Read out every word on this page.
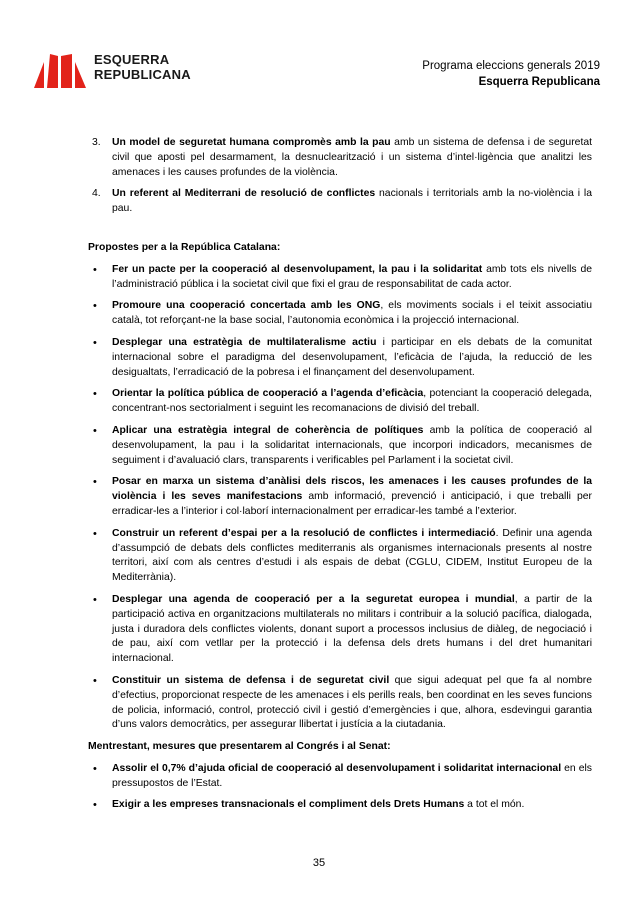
ESQUERRA
REPUBLICANA
Programa eleccions generals 2019
Esquerra Republicana
3. Un model de seguretat humana compromès amb la pau amb un sistema de defensa i de seguretat civil que aposti pel desarmament, la desnuclearització i un sistema d’intel·ligència que analitzi les amenaces i les causes profundes de la violència.
4. Un referent al Mediterrani de resolució de conflictes nacionals i territorials amb la no-violència i la pau.
Propostes per a la República Catalana:
• Fer un pacte per la cooperació al desenvolupament, la pau i la solidaritat amb tots els nivells de l’administració pública i la societat civil que fixi el grau de responsabilitat de cada actor.
• Promoure una cooperació concertada amb les ONG, els moviments socials i el teixit associatiu català, tot reforçant-ne la base social, l’autonomia econòmica i la projecció internacional.
• Desplegar una estratègia de multilateralisme actiu i participar en els debats de la comunitat internacional sobre el paradigma del desenvolupament, l’eficàcia de l’ajuda, la reducció de les desigualtats, l’erradicació de la pobresa i el finançament del desenvolupament.
• Orientar la política pública de cooperació a l’agenda d’eficàcia, potenciant la cooperació delegada, concentrant-nos sectorialment i seguint les recomanacions de divisió del treball.
• Aplicar una estratègia integral de coherència de polítiques amb la política de cooperació al desenvolupament, la pau i la solidaritat internacionals, que incorpori indicadors, mecanismes de seguiment i d’avaluació clars, transparents i verificables pel Parlament i la societat civil.
• Posar en marxa un sistema d’anàlisi dels riscos, les amenaces i les causes profundes de la violència i les seves manifestacions amb informació, prevenció i anticipació, i que treballi per erradicar-les a l’interior i col·laborí internacionalment per erradicar-les també a l’exterior.
• Construir un referent d’espai per a la resolució de conflictes i intermediació. Definir una agenda d’assumpció de debats dels conflictes mediterranis als organismes internacionals presents al nostre territori, així com als centres d’estudi i als espais de debat (CGLU, CIDEM, Institut Europeu de la Mediterrània).
• Desplegar una agenda de cooperació per a la seguretat europea i mundial, a partir de la participació activa en organitzacions multilaterals no militars i contribuir a la solució pacífica, dialogada, justa i duradora dels conflictes violents, donant suport a processos inclusius de diàleg, de negociació i de pau, així com vetllar per la protecció i la defensa dels drets humans i del dret humanitari internacional.
• Constituir un sistema de defensa i de seguretat civil que sigui adequat pel que fa al nombre d’efectius, proporcionat respecte de les amenaces i els perills reals, ben coordinat en les seves funcions de policia, informació, control, protecció civil i gestió d’emergències i que, alhora, esdevingui garantia d’uns valors democràtics, per assegurar llibertat i justícia a la ciutadania.
Mentrestant, mesures que presentarem al Congrés i al Senat:
• Assolir el 0,7% d’ajuda oficial de cooperació al desenvolupament i solidaritat internacional en els pressupostos de l’Estat.
• Exigir a les empreses transnacionals el compliment dels Drets Humans a tot el món.
35
